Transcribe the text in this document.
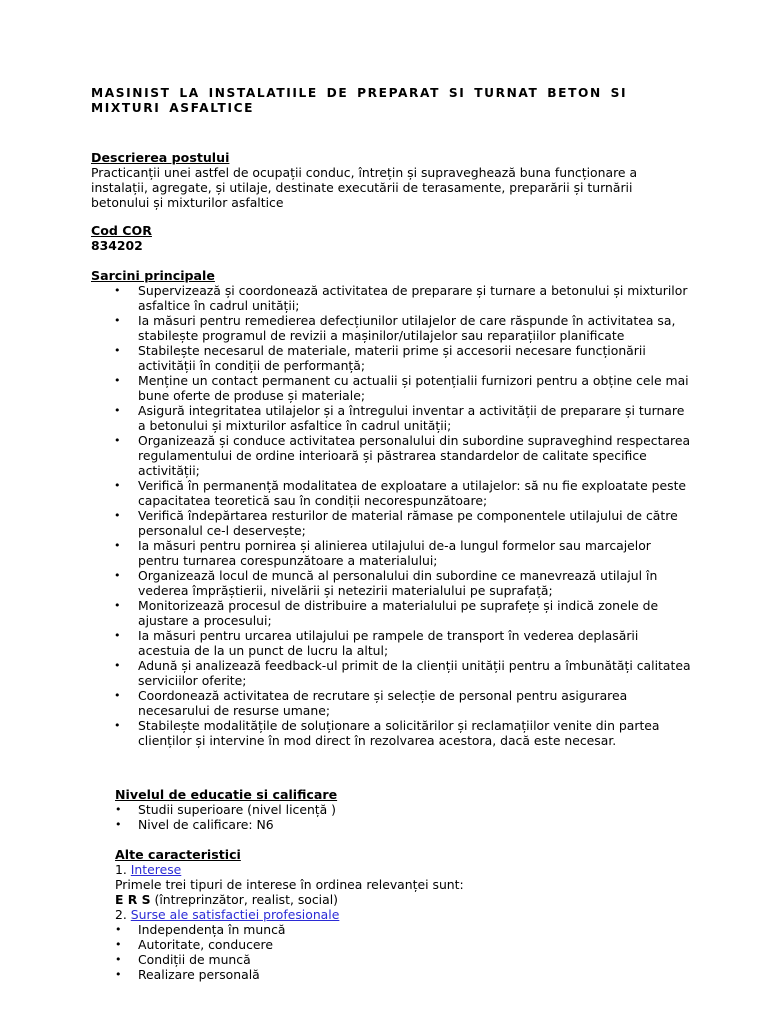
MASINIST LA INSTALATIILE DE PREPARAT SI TURNAT BETON SI MIXTURI ASFALTICE
Descrierea postului
Practicanții unei astfel de ocupații conduc, întrețin și supraveghează buna funcționare a instalații, agregate, și utilaje, destinate executării de terasamente, preparării și turnării betonului și mixturilor asfaltice
Cod COR
834202
Sarcini principale
• Supervizează și coordonează activitatea de preparare și turnare a betonului și mixturilor asfaltice în cadrul unității;
• Ia măsuri pentru remedierea defecțiunilor utilajelor de care răspunde în activitatea sa, stabilește programul de revizii a mașinilor/utilajelor sau reparațiilor planificate
• Stabilește necesarul de materiale, materii prime și accesorii necesare funcționării activității în condiții de performanță;
• Menține un contact permanent cu actualii și potențialii furnizori pentru a obține cele mai bune oferte de produse și materiale;
• Asigură integritatea utilajelor și a întregului inventar a activității de preparare și turnare a betonului și mixturilor asfaltice în cadrul unității;
• Organizează și conduce activitatea personalului din subordine supraveghind respectarea regulamentului de ordine interioară și păstrarea standardelor de calitate specifice activității;
• Verifică în permanență modalitatea de exploatare a utilajelor: să nu fie exploatate peste capacitatea teoretică sau în condiții necorespunzătoare;
• Verifică îndepărtarea resturilor de material rămase pe componentele utilajului de către personalul ce-l deservește;
• Ia măsuri pentru pornirea și alinierea utilajului de-a lungul formelor sau marcajelor pentru turnarea corespunzătoare a materialului;
• Organizează locul de muncă al personalului din subordine ce manevrează utilajul în vederea împrăștierii, nivelării și netezirii materialului pe suprafață;
• Monitorizează procesul de distribuire a materialului pe suprafețe și indică zonele de ajustare a procesului;
• Ia măsuri pentru urcarea utilajului pe rampele de transport în vederea deplasării acestuia de la un punct de lucru la altul;
• Adună și analizează feedback-ul primit de la clienții unității pentru a îmbunătăți calitatea serviciilor oferite;
• Coordonează activitatea de recrutare și selecție de personal pentru asigurarea necesarului de resurse umane;
• Stabilește modalitățile de soluționare a solicitărilor și reclamațiilor venite din partea clienților și intervine în mod direct în rezolvarea acestora, dacă este necesar.
Nivelul de educatie si calificare
• Studii superioare (nivel licență )
• Nivel de calificare: N6
Alte caracteristici
1. Interese
Primele trei tipuri de interese în ordinea relevanței sunt:
E R S (întreprinzător, realist, social)
2. Surse ale satisfactiei profesionale
• Independența în muncă
• Autoritate, conducere
• Condiții de muncă
• Realizare personală
